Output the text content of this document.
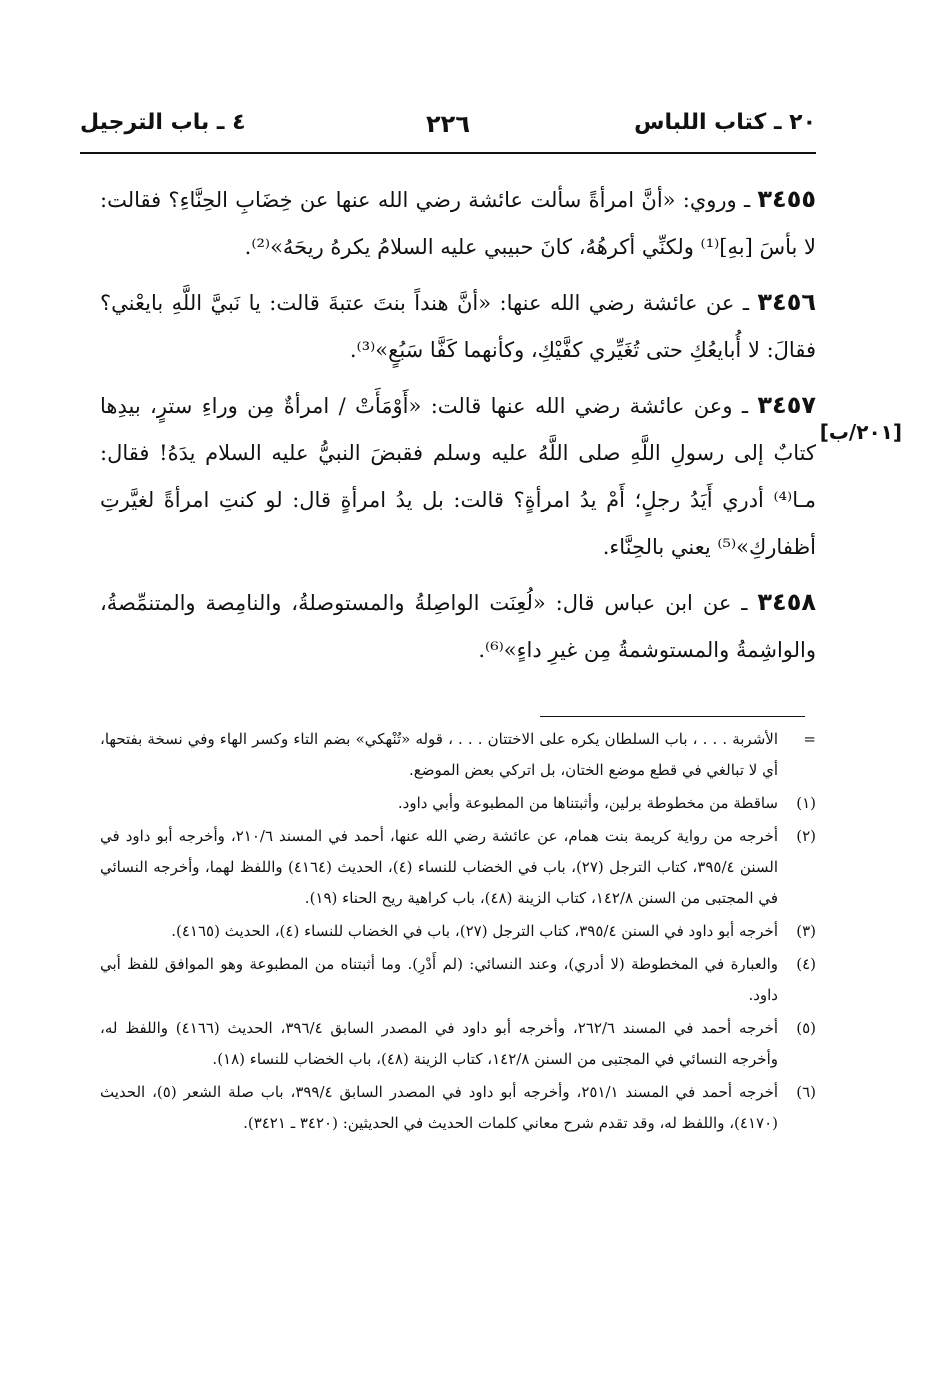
٢٠ ـ كتاب اللباس
٢٢٦
٤ ـ باب الترجيل
[٢٠١/ب]

٣٤٥٥ ـ وروي: «أنَّ امرأةً سألت عائشة رضي الله عنها عن خِضَابِ الحِنَّاءِ؟ فقالت: لا بأسَ [بهِ]⁽¹⁾ ولكنِّي أكرهُهُ، كانَ حبيبي عليه السلامُ يكرهُ ريحَهُ»⁽²⁾.

٣٤٥٦ ـ عن عائشة رضي الله عنها: «أنَّ هنداً بنتَ عتبةَ قالت: يا نَبيَّ اللَّهِ بايعْني؟ فقالَ: لا أُبايعُكِ حتى تُغَيِّري كفَّيْكِ، وكأنهما كَفَّا سَبُعٍ»⁽³⁾.

٣٤٥٧ ـ وعن عائشة رضي الله عنها قالت: «أَوْمَأَتْ / امرأةٌ مِن وراءِ سترٍ، بيدِها كتابٌ إلى رسولِ اللَّهِ صلى اللَّهُ عليه وسلم فقبضَ النبيُّ عليه السلام يدَهُ! فقال: مـا⁽⁴⁾ أدري أَيَدُ رجلٍ؛ أَمْ يدُ امرأةٍ؟ قالت: بل يدُ امرأةٍ قال: لو كنتِ امرأةً لغيَّرتِ أظفاركِ»⁽⁵⁾ يعني بالحِنَّاء.

٣٤٥٨ ـ عن ابن عباس قال: «لُعِنَت الواصِلةُ والمستوصلةُ، والنامِصة والمتنمِّصةُ، والواشِمةُ والمستوشمةُ مِن غيرِ داءٍ»⁽⁶⁾.

=
الأشربة . . . ، باب السلطان يكره على الاختتان . . . ، قوله «تُنْهكي» بضم التاء وكسر الهاء وفي نسخة بفتحها، أي لا تبالغي في قطع موضع الختان، بل اتركي بعض الموضع.
(١)
ساقطة من مخطوطة برلين، وأثبتناها من المطبوعة وأبي داود.
(٢)
أخرجه من رواية كريمة بنت همام، عن عائشة رضي الله عنها، أحمد في المسند ٢١٠/٦، وأخرجه أبو داود في السنن ٣٩٥/٤، كتاب الترجل (٢٧)، باب في الخضاب للنساء (٤)، الحديث (٤١٦٤) واللفظ لهما، وأخرجه النسائي في المجتبى من السنن ١٤٢/٨، كتاب الزينة (٤٨)، باب كراهية ريح الحناء (١٩).
(٣)
أخرجه أبو داود في السنن ٣٩٥/٤، كتاب الترجل (٢٧)، باب في الخضاب للنساء (٤)، الحديث (٤١٦٥).
(٤)
والعبارة في المخطوطة (لا أدري)، وعند النسائي: (لم أَدْرِ). وما أثبتناه من المطبوعة وهو الموافق للفظ أبي داود.
(٥)
أخرجه أحمد في المسند ٢٦٢/٦، وأخرجه أبو داود في المصدر السابق ٣٩٦/٤، الحديث (٤١٦٦) واللفظ له، وأخرجه النسائي في المجتبى من السنن ١٤٢/٨، كتاب الزينة (٤٨)، باب الخضاب للنساء (١٨).
(٦)
أخرجه أحمد في المسند ٢٥١/١، وأخرجه أبو داود في المصدر السابق ٣٩٩/٤، باب صلة الشعر (٥)، الحديث (٤١٧٠)، واللفظ له، وقد تقدم شرح معاني كلمات الحديث في الحديثين: (٣٤٢٠ ـ ٣٤٢١).
